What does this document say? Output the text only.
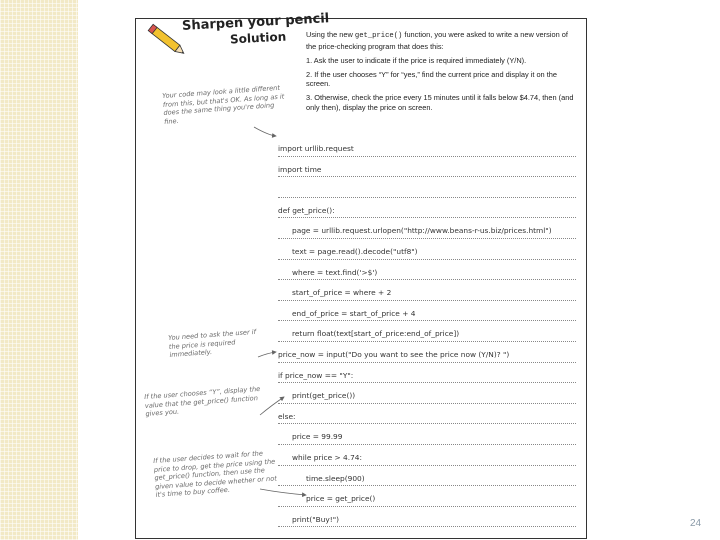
Sharpen your pencil
Solution	Using the new get_price() function, you were asked to write a new version of the price-checking program that does this:

1. Ask the user to indicate if the price is required immediately (Y/N).

2. If the user chooses “Y” for “yes,” find the current price and display it on the screen.

3. Otherwise, check the price every 15 minutes until it falls below $4.74, then (and only then), display the price on screen.

Your code may look a little different from this, but that's OK. As long as it does the same thing you're doing fine.
You need to ask the user if the price is required immediately.
If the user chooses “Y”, display the value that the get_price() function gives you.
If the user decides to wait for the price to drop, get the price using the get_price() function, then use the given value to decide whether or not it's time to buy coffee.
import urllib.request
import time
def get_price():
page = urllib.request.urlopen("http://www.beans-r-us.biz/prices.html")
text = page.read().decode("utf8")
where = text.find('>$')
start_of_price = where + 2
end_of_price = start_of_price + 4
return float(text[start_of_price:end_of_price])
price_now = input("Do you want to see the price now (Y/N)? ")
if price_now == "Y":
print(get_price())
else:
price = 99.99
while price > 4.74:
time.sleep(900)
price = get_price()
print("Buy!")	24
